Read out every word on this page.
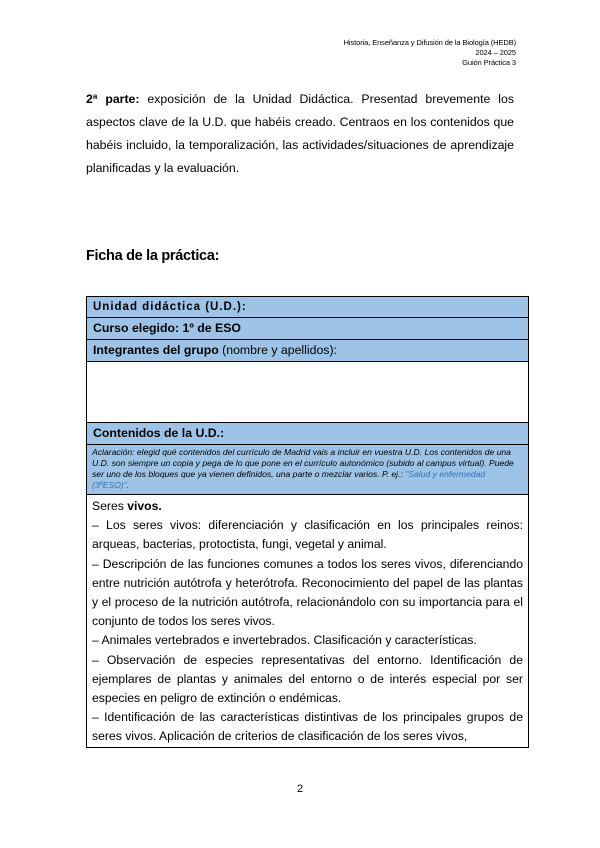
Historia, Enseñanza y Difusión de la Biología (HEDB)
2024 – 2025
Guión Práctica 3
2ª parte: exposición de la Unidad Didáctica. Presentad brevemente los aspectos clave de la U.D. que habéis creado. Centraos en los contenidos que habéis incluido, la temporalización, las actividades/situaciones de aprendizaje planificadas y la evaluación.
Ficha de la práctica:
Unidad didáctica (U.D.):
Curso elegido: 1º de ESO
Integrantes del grupo (nombre y apellidos):

Contenidos de la U.D.:
Aclaración: elegid qué contenidos del currículo de Madrid vais a incluir en vuestra U.D. Los contenidos de una U.D. son siempre un copia y pega de lo que pone en el currículo autonómico (subido al campus virtual). Puede ser uno de los bloques que ya vienen definidos, una parte o mezclar varios. P. ej.: "Salud y enfermedad (3ºESO)".

Seres vivos.

– Los seres vivos: diferenciación y clasificación en los principales reinos: arqueas, bacterias, protoctista, fungi, vegetal y animal.

– Descripción de las funciones comunes a todos los seres vivos, diferenciando entre nutrición autótrofa y heterótrofa. Reconocimiento del papel de las plantas y el proceso de la nutrición autótrofa, relacionándolo con su importancia para el conjunto de todos los seres vivos.

– Animales vertebrados e invertebrados. Clasificación y características.

– Observación de especies representativas del entorno. Identificación de ejemplares de plantas y animales del entorno o de interés especial por ser especies en peligro de extinción o endémicas.

– Identificación de las características distintivas de los principales grupos de seres vivos. Aplicación de criterios de clasificación de los seres vivos,

2
